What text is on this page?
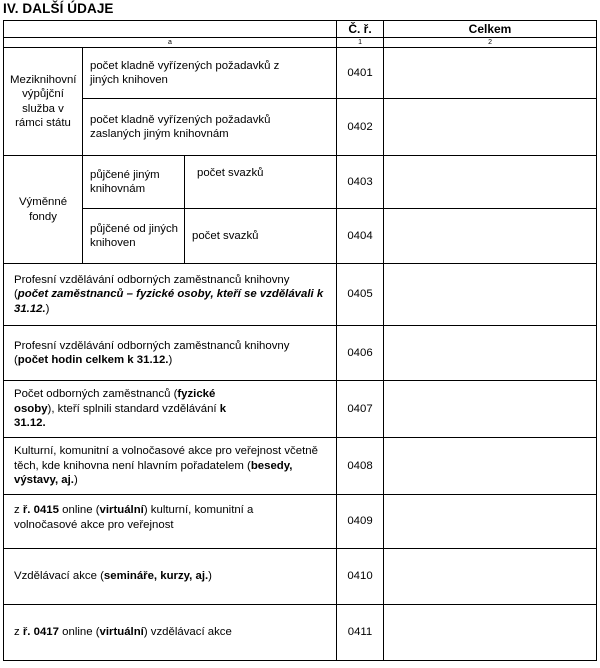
IV. DALŠÍ ÚDAJE
			Č. ř.	Celkem
a			1	2
Meziknihovní výpůjční služba v rámci státu	počet kladně vyřízených požadavků z jiných knihoven		0401	
	počet kladně vyřízených požadavků zaslaných jiným knihovnám		0402	
Výměnné fondy	půjčené jiným knihovnám	počet svazků	0403	
	půjčené od jiných knihoven	počet svazků	0404	
Profesní vzdělávání odborných zaměstnanců knihovny
(počet zaměstnanců – fyzické osoby, kteří se vzdělávali k 31.12.)			0405	
Profesní vzdělávání odborných zaměstnanců knihovny
(počet hodin celkem k 31.12.)			0406	
Počet odborných zaměstnanců (fyzické osoby), kteří splnili standard vzdělávání k 31.12.			0407	
Kulturní, komunitní a volnočasové akce pro veřejnost včetně těch, kde knihovna není hlavním pořadatelem (besedy, výstavy, aj.)			0408	
z ř. 0415 online (virtuální) kulturní, komunitní a volnočasové akce pro veřejnost			0409	
Vzdělávací akce (semináře, kurzy, aj.)			0410	
z ř. 0417 online (virtuální) vzdělávací akce			0411	
